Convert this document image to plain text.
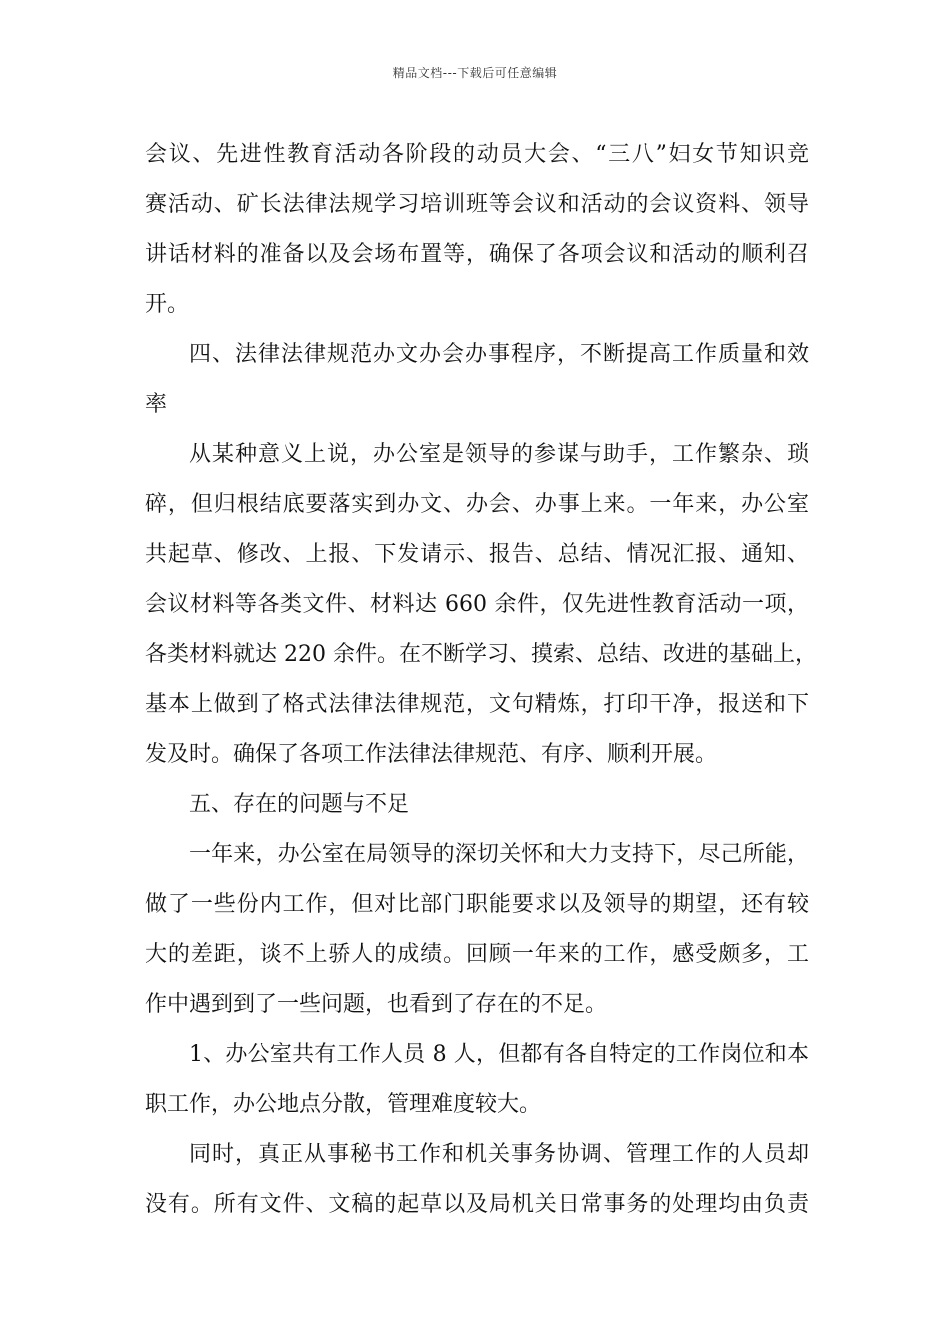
精品文档---下载后可任意编辑
会议、先进性教育活动各阶段的动员大会、“三八”妇女节知识竞
赛活动、矿长法律法规学习培训班等会议和活动的会议资料、领导
讲话材料的准备以及会场布置等，确保了各项会议和活动的顺利召
开。
四、法律法律规范办文办会办事程序，不断提高工作质量和效
率
从某种意义上说，办公室是领导的参谋与助手，工作繁杂、琐
碎，但归根结底要落实到办文、办会、办事上来。一年来，办公室
共起草、修改、上报、下发请示、报告、总结、情况汇报、通知、
会议材料等各类文件、材料达 660 余件，仅先进性教育活动一项，
各类材料就达 220 余件。在不断学习、摸索、总结、改进的基础上，
基本上做到了格式法律法律规范，文句精炼，打印干净，报送和下
发及时。确保了各项工作法律法律规范、有序、顺利开展。
五、存在的问题与不足
一年来，办公室在局领导的深切关怀和大力支持下，尽己所能，
做了一些份内工作，但对比部门职能要求以及领导的期望，还有较
大的差距，谈不上骄人的成绩。回顾一年来的工作，感受颇多，工
作中遇到到了一些问题，也看到了存在的不足。
1、办公室共有工作人员 8 人，但都有各自特定的工作岗位和本
职工作，办公地点分散，管理难度较大。
同时，真正从事秘书工作和机关事务协调、管理工作的人员却
没有。所有文件、文稿的起草以及局机关日常事务的处理均由负责
